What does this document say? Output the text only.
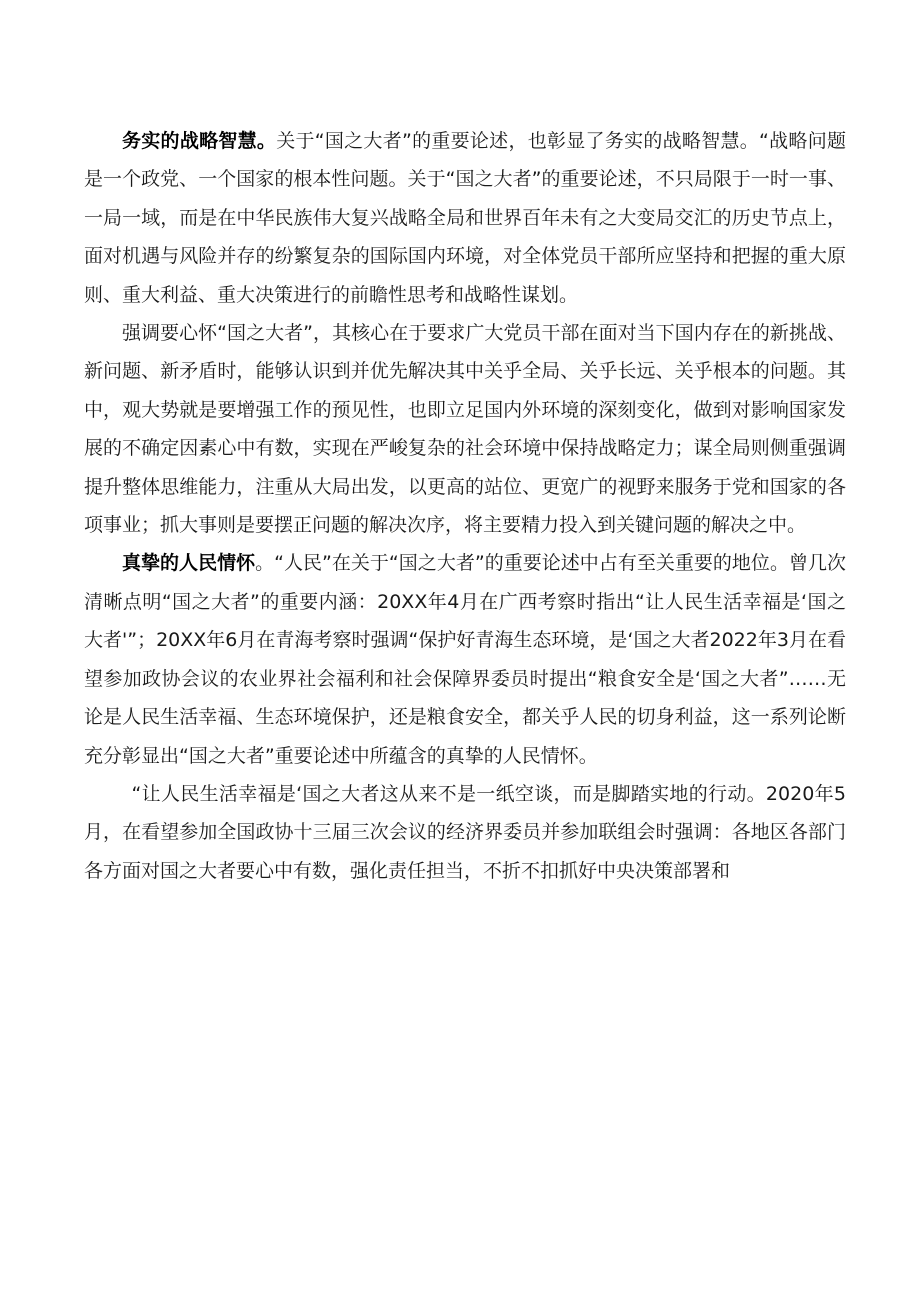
务实的战略智慧。关于“国之大者”的重要论述，也彰显了务实的战略智慧。“战略问题是一个政党、一个国家的根本性问题。关于“国之大者”的重要论述，不只局限于一时一事、一局一域，而是在中华民族伟大复兴战略全局和世界百年未有之大变局交汇的历史节点上，面对机遇与风险并存的纷繁复杂的国际国内环境，对全体党员干部所应坚持和把握的重大原则、重大利益、重大决策进行的前瞻性思考和战略性谋划。

强调要心怀“国之大者”，其核心在于要求广大党员干部在面对当下国内存在的新挑战、新问题、新矛盾时，能够认识到并优先解决其中关乎全局、关乎长远、关乎根本的问题。其中，观大势就是要增强工作的预见性，也即立足国内外环境的深刻变化，做到对影响国家发展的不确定因素心中有数，实现在严峻复杂的社会环境中保持战略定力；谋全局则侧重强调提升整体思维能力，注重从大局出发，以更高的站位、更宽广的视野来服务于党和国家的各项事业；抓大事则是要摆正问题的解决次序，将主要精力投入到关键问题的解决之中。

真挚的人民情怀。“人民”在关于“国之大者”的重要论述中占有至关重要的地位。曾几次清晰点明“国之大者”的重要内涵：20XX年4月在广西考察时指出“让人民生活幸福是‘国之大者'”；20XX年6月在青海考察时强调“保护好青海生态环境，是‘国之大者2022年3月在看望参加政协会议的农业界社会福利和社会保障界委员时提出“粮食安全是‘国之大者”……无论是人民生活幸福、生态环境保护，还是粮食安全，都关乎人民的切身利益，这一系列论断充分彰显出“国之大者”重要论述中所蕴含的真挚的人民情怀。

“让人民生活幸福是‘国之大者这从来不是一纸空谈，而是脚踏实地的行动。2020年5月，在看望参加全国政协十三届三次会议的经济界委员并参加联组会时强调：各地区各部门各方面对国之大者要心中有数，强化责任担当，不折不扣抓好中央决策部署和
